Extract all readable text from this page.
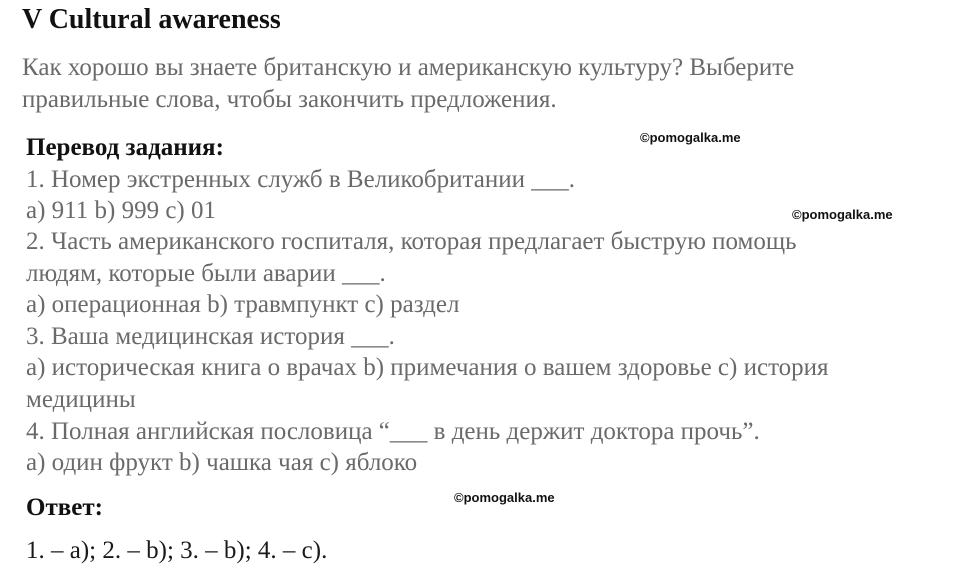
V Cultural awareness

Как хорошо вы знаете британскую и американскую культуру? Выберите

правильные слова, чтобы закончить предложения.

©pomogalka.me
Перевод задания:

1. Номер экстренных служб в Великобритании ___.

a) 911 b) 999 c) 01	©pomogalka.me

2. Часть американского госпиталя, которая предлагает быструю помощь

людям, которые были аварии ___.

a) операционная b) травмпункт c) раздел

3. Ваша медицинская история ___.

a) историческая книга о врачах b) примечания о вашем здоровье c) история

медицины

4. Полная английская пословица “___ в день держит доктора прочь”.

a) один фрукт b) чашка чая c) яблоко

©pomogalka.me
Ответ:

1. – a); 2. – b); 3. – b); 4. – c).
